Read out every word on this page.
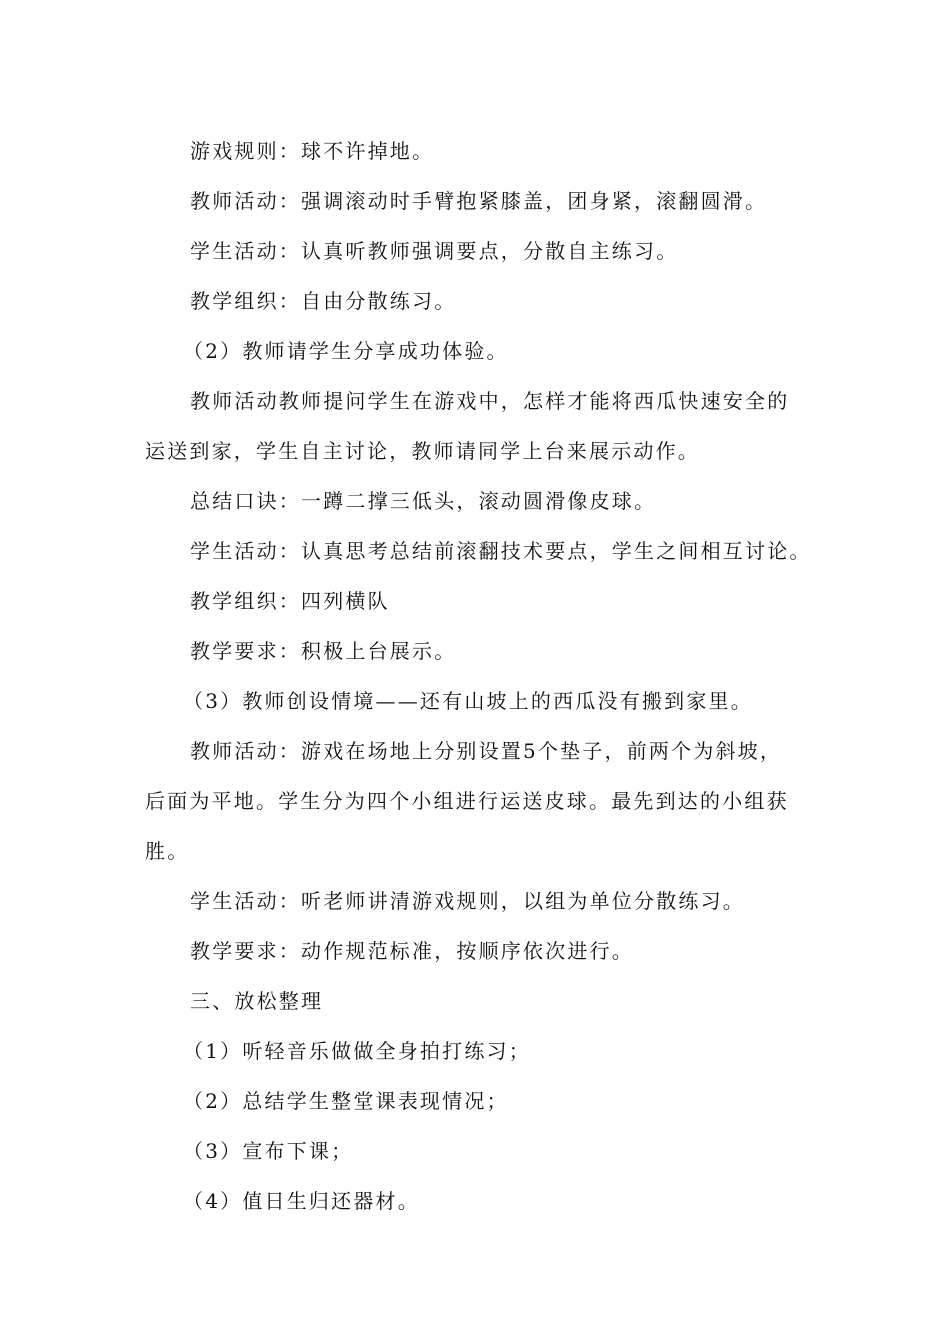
游戏规则：球不许掉地。
教师活动：强调滚动时手臂抱紧膝盖，团身紧，滚翻圆滑。
学生活动：认真听教师强调要点，分散自主练习。
教学组织：自由分散练习。
（2）教师请学生分享成功体验。
教师活动教师提问学生在游戏中，怎样才能将西瓜快速安全的
运送到家，学生自主讨论，教师请同学上台来展示动作。
总结口诀：一蹲二撑三低头，滚动圆滑像皮球。
学生活动：认真思考总结前滚翻技术要点，学生之间相互讨论。
教学组织：四列横队
教学要求：积极上台展示。
（3）教师创设情境——还有山坡上的西瓜没有搬到家里。
教师活动：游戏在场地上分别设置5个垫子，前两个为斜坡，
后面为平地。学生分为四个小组进行运送皮球。最先到达的小组获
胜。
学生活动：听老师讲清游戏规则，以组为单位分散练习。
教学要求：动作规范标准，按顺序依次进行。
三、放松整理
（1）听轻音乐做做全身拍打练习；
（2）总结学生整堂课表现情况；
（3）宣布下课；
（4）值日生归还器材。
